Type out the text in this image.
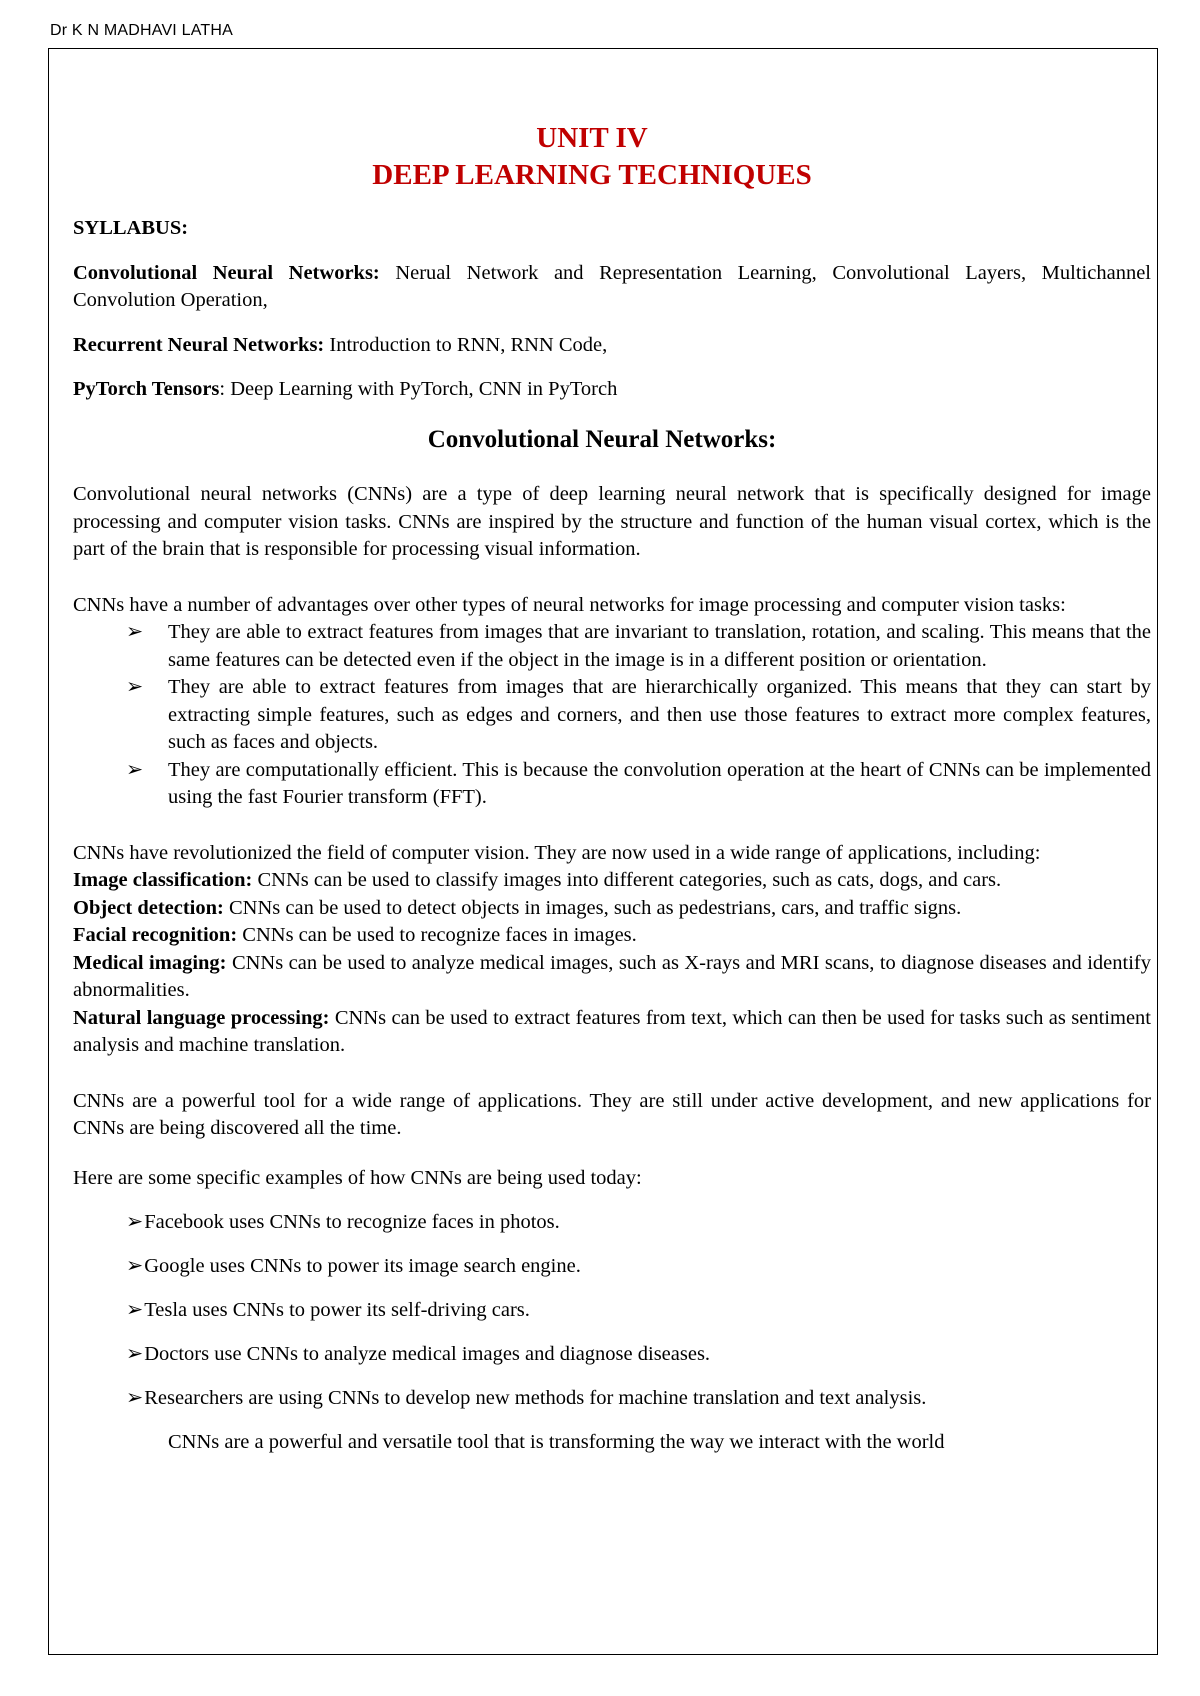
Dr K N MADHAVI LATHA
UNIT IV
DEEP LEARNING TECHNIQUES
SYLLABUS:

Convolutional Neural Networks: Nerual Network and Representation Learning, Convolutional Layers, Multichannel Convolution Operation,

Recurrent Neural Networks: Introduction to RNN, RNN Code,

PyTorch Tensors: Deep Learning with PyTorch, CNN in PyTorch

Convolutional Neural Networks:

Convolutional neural networks (CNNs) are a type of deep learning neural network that is specifically designed for image processing and computer vision tasks. CNNs are inspired by the structure and function of the human visual cortex, which is the part of the brain that is responsible for processing visual information.

CNNs have a number of advantages over other types of neural networks for image processing and computer vision tasks:

➢ They are able to extract features from images that are invariant to translation, rotation, and scaling. This means that the same features can be detected even if the object in the image is in a different position or orientation.
➢ They are able to extract features from images that are hierarchically organized. This means that they can start by extracting simple features, such as edges and corners, and then use those features to extract more complex features, such as faces and objects.
➢ They are computationally efficient. This is because the convolution operation at the heart of CNNs can be implemented using the fast Fourier transform (FFT).

CNNs have revolutionized the field of computer vision. They are now used in a wide range of applications, including:

Image classification: CNNs can be used to classify images into different categories, such as cats, dogs, and cars.

Object detection: CNNs can be used to detect objects in images, such as pedestrians, cars, and traffic signs.

Facial recognition: CNNs can be used to recognize faces in images.

Medical imaging: CNNs can be used to analyze medical images, such as X-rays and MRI scans, to diagnose diseases and identify abnormalities.

Natural language processing: CNNs can be used to extract features from text, which can then be used for tasks such as sentiment analysis and machine translation.

CNNs are a powerful tool for a wide range of applications. They are still under active development, and new applications for CNNs are being discovered all the time.

Here are some specific examples of how CNNs are being used today:

➢Facebook uses CNNs to recognize faces in photos.
➢Google uses CNNs to power its image search engine.
➢Tesla uses CNNs to power its self-driving cars.
➢Doctors use CNNs to analyze medical images and diagnose diseases.
➢Researchers are using CNNs to develop new methods for machine translation and text analysis.

CNNs are a powerful and versatile tool that is transforming the way we interact with the world
